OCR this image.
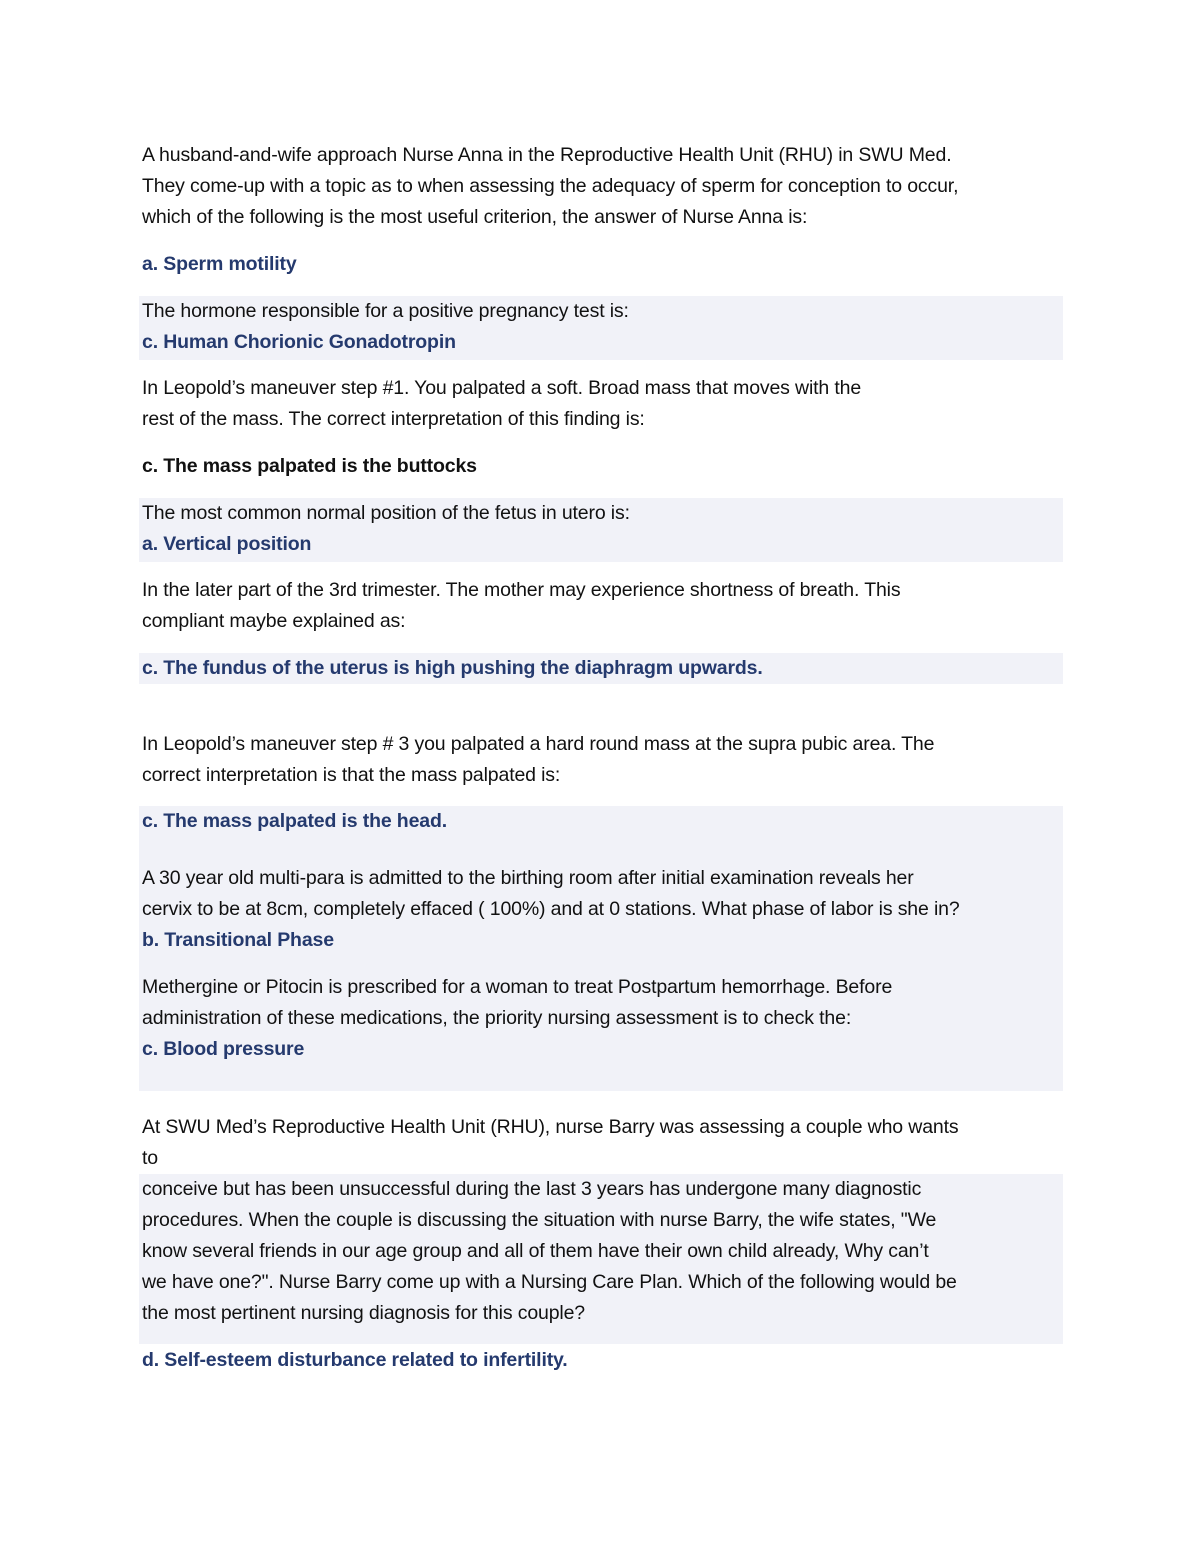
A husband-and-wife approach Nurse Anna in the Reproductive Health Unit (RHU) in SWU Med.
They come-up with a topic as to when assessing the adequacy of sperm for conception to occur,
which of the following is the most useful criterion, the answer of Nurse Anna is:
a. Sperm motility
The hormone responsible for a positive pregnancy test is:
c. Human Chorionic Gonadotropin
In Leopold’s maneuver step #1. You palpated a soft. Broad mass that moves with the
rest of the mass. The correct interpretation of this finding is:
c. The mass palpated is the buttocks
The most common normal position of the fetus in utero is:
a. Vertical position
In the later part of the 3rd trimester. The mother may experience shortness of breath. This
compliant maybe explained as:
c. The fundus of the uterus is high pushing the diaphragm upwards.
In Leopold’s maneuver step # 3 you palpated a hard round mass at the supra pubic area. The
correct interpretation is that the mass palpated is:
c. The mass palpated is the head.
A 30 year old multi-para is admitted to the birthing room after initial examination reveals her
cervix to be at 8cm, completely effaced ( 100%) and at 0 stations. What phase of labor is she in?
b. Transitional Phase
Methergine or Pitocin is prescribed for a woman to treat Postpartum hemorrhage. Before
administration of these medications, the priority nursing assessment is to check the:
c. Blood pressure
At SWU Med’s Reproductive Health Unit (RHU), nurse Barry was assessing a couple who wants
to
conceive but has been unsuccessful during the last 3 years has undergone many diagnostic
procedures. When the couple is discussing the situation with nurse Barry, the wife states, "We
know several friends in our age group and all of them have their own child already, Why can’t
we have one?". Nurse Barry come up with a Nursing Care Plan. Which of the following would be
the most pertinent nursing diagnosis for this couple?
d. Self-esteem disturbance related to infertility.
